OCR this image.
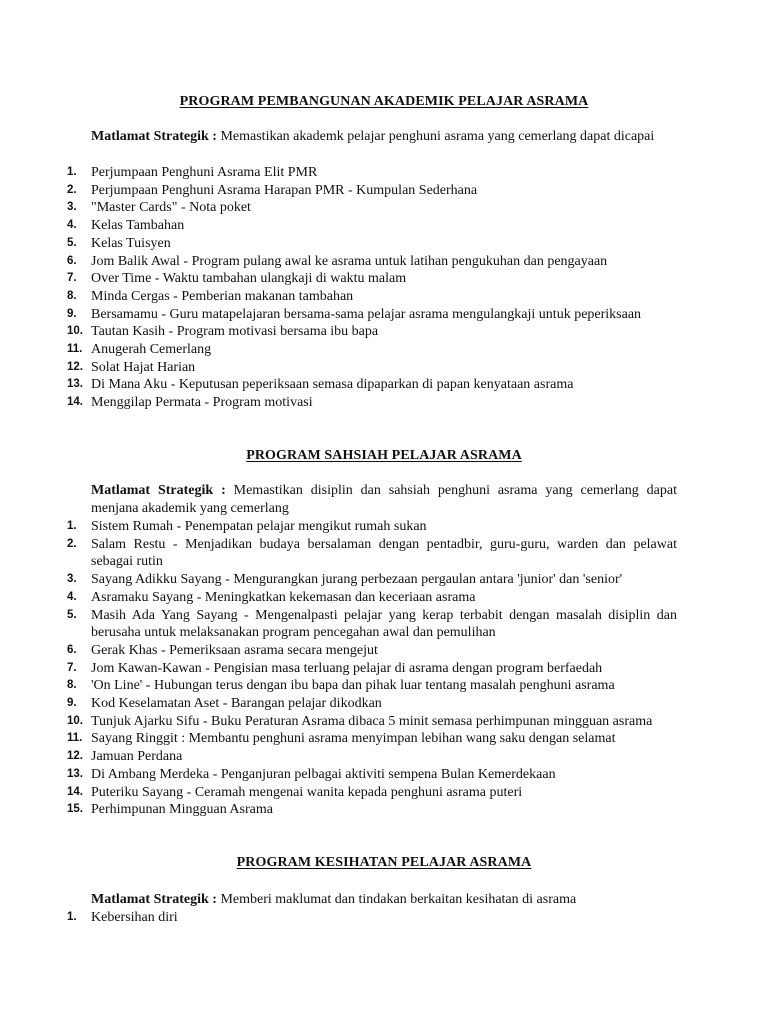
PROGRAM PEMBANGUNAN AKADEMIK PELAJAR ASRAMA

Matlamat Strategik : Memastikan akademk pelajar penghuni asrama yang cemerlang dapat dicapai

1.	Perjumpaan Penghuni Asrama Elit PMR
2.	Perjumpaan Penghuni Asrama Harapan PMR - Kumpulan Sederhana
3.	"Master Cards" - Nota poket
4.	Kelas Tambahan
5.	Kelas Tuisyen
6.	Jom Balik Awal - Program pulang awal ke asrama untuk latihan pengukuhan dan pengayaan
7.	Over Time - Waktu tambahan ulangkaji di waktu malam
8.	Minda Cergas - Pemberian makanan tambahan
9.	Bersamamu - Guru matapelajaran bersama-sama pelajar asrama mengulangkaji untuk peperiksaan
10. Tautan Kasih - Program motivasi bersama ibu bapa
11. Anugerah Cemerlang
12. Solat Hajat Harian
13. Di Mana Aku - Keputusan peperiksaan semasa dipaparkan di papan kenyataan asrama
14. Menggilap Permata - Program motivasi
PROGRAM SAHSIAH PELAJAR ASRAMA

Matlamat Strategik : Memastikan disiplin dan sahsiah penghuni asrama yang cemerlang dapat menjana akademik yang cemerlang

1.	Sistem Rumah - Penempatan pelajar mengikut rumah sukan
2.	Salam Restu - Menjadikan budaya bersalaman dengan pentadbir, guru-guru, warden dan pelawat sebagai rutin
3.	Sayang Adikku Sayang - Mengurangkan jurang perbezaan pergaulan antara 'junior' dan 'senior'
4.	Asramaku Sayang - Meningkatkan kekemasan dan keceriaan asrama
5.	Masih Ada Yang Sayang - Mengenalpasti pelajar yang kerap terbabit dengan masalah disiplin dan berusaha untuk melaksanakan program pencegahan awal dan pemulihan
6.	Gerak Khas - Pemeriksaan asrama secara mengejut
7.	Jom Kawan-Kawan - Pengisian masa terluang pelajar di asrama dengan program berfaedah
8.	'On Line' - Hubungan terus dengan ibu bapa dan pihak luar tentang masalah penghuni asrama
9.	Kod Keselamatan Aset - Barangan pelajar dikodkan
10. Tunjuk Ajarku Sifu - Buku Peraturan Asrama dibaca 5 minit semasa perhimpunan mingguan asrama
11. Sayang Ringgit : Membantu penghuni asrama menyimpan lebihan wang saku dengan selamat
12. Jamuan Perdana
13. Di Ambang Merdeka - Penganjuran pelbagai aktiviti sempena Bulan Kemerdekaan
14. Puteriku Sayang - Ceramah mengenai wanita kepada penghuni asrama puteri
15. Perhimpunan Mingguan Asrama
PROGRAM KESIHATAN PELAJAR ASRAMA

Matlamat Strategik : Memberi maklumat dan tindakan berkaitan kesihatan di asrama

1.	Kebersihan diri
